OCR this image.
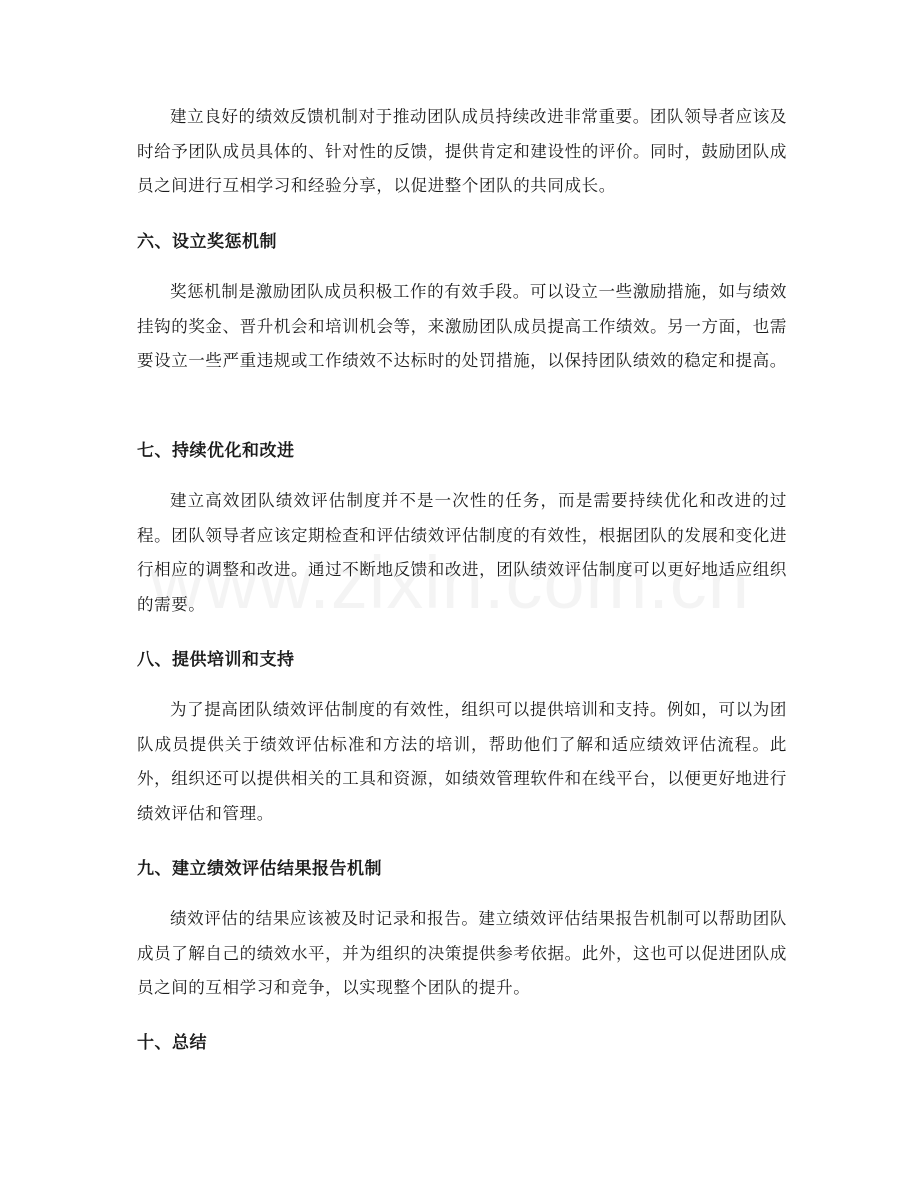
建立良好的绩效反馈机制对于推动团队成员持续改进非常重要。团队领导者应该及时给予团队成员具体的、针对性的反馈，提供肯定和建设性的评价。同时，鼓励团队成员之间进行互相学习和经验分享，以促进整个团队的共同成长。

六、设立奖惩机制

奖惩机制是激励团队成员积极工作的有效手段。可以设立一些激励措施，如与绩效挂钩的奖金、晋升机会和培训机会等，来激励团队成员提高工作绩效。另一方面，也需要设立一些严重违规或工作绩效不达标时的处罚措施，以保持团队绩效的稳定和提高。

七、持续优化和改进

建立高效团队绩效评估制度并不是一次性的任务，而是需要持续优化和改进的过程。团队领导者应该定期检查和评估绩效评估制度的有效性，根据团队的发展和变化进行相应的调整和改进。通过不断地反馈和改进，团队绩效评估制度可以更好地适应组织的需要。

八、提供培训和支持

为了提高团队绩效评估制度的有效性，组织可以提供培训和支持。例如，可以为团队成员提供关于绩效评估标准和方法的培训，帮助他们了解和适应绩效评估流程。此外，组织还可以提供相关的工具和资源，如绩效管理软件和在线平台，以便更好地进行绩效评估和管理。

九、建立绩效评估结果报告机制

绩效评估的结果应该被及时记录和报告。建立绩效评估结果报告机制可以帮助团队成员了解自己的绩效水平，并为组织的决策提供参考依据。此外，这也可以促进团队成员之间的互相学习和竞争，以实现整个团队的提升。

十、总结
